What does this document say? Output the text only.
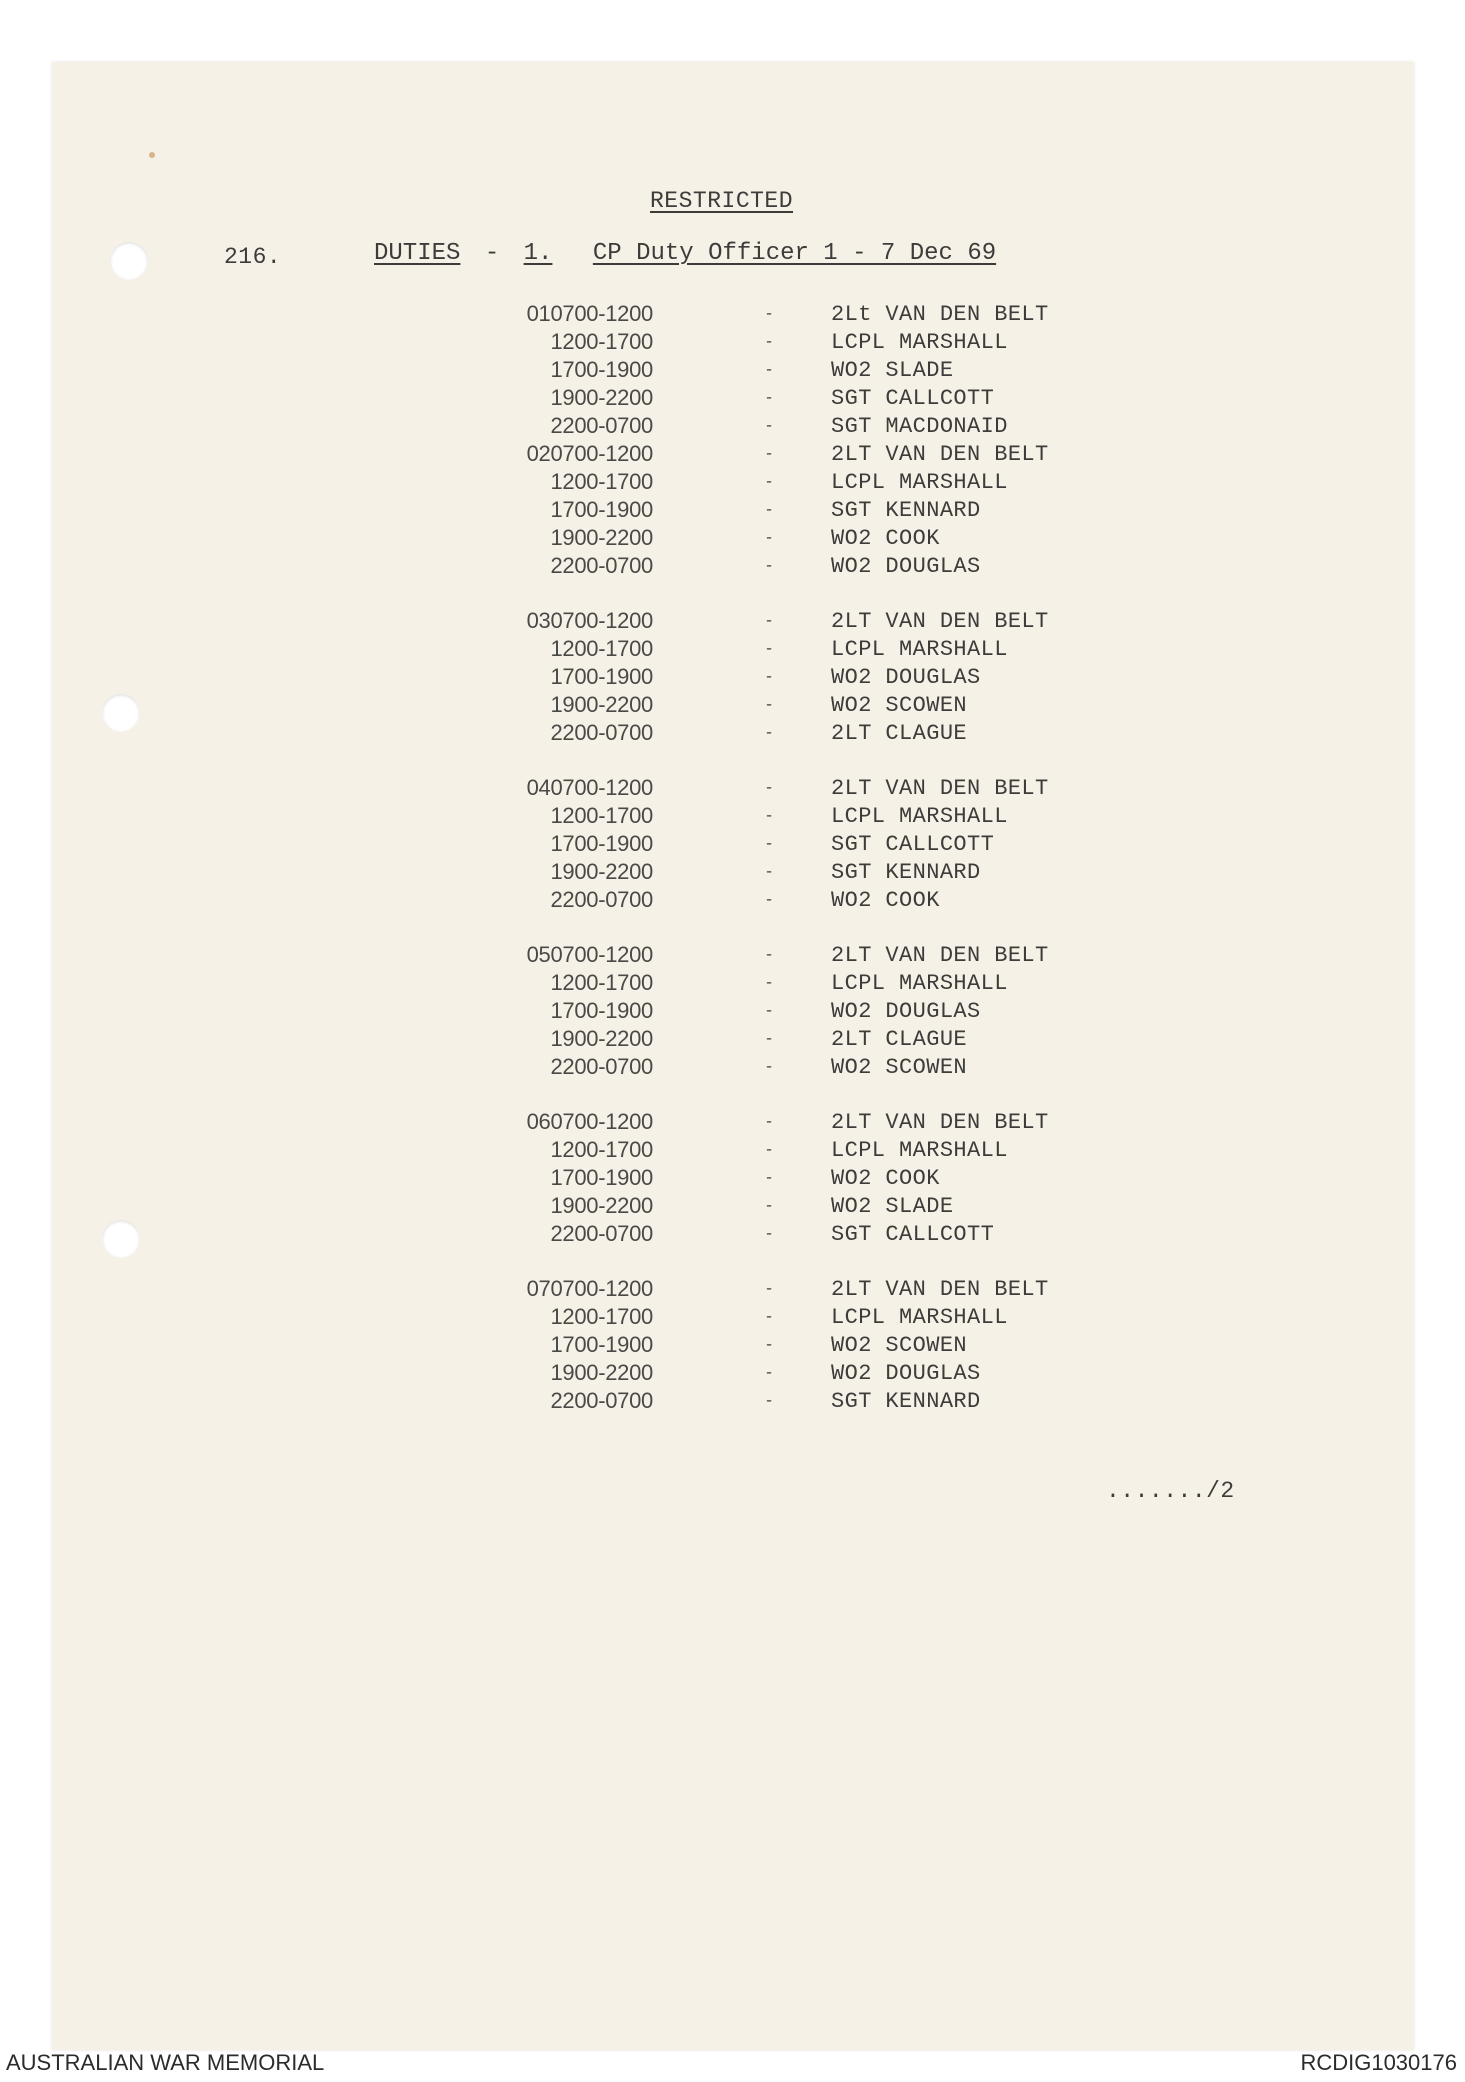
RESTRICTED
216.	DUTIES - 1. CP Duty Officer 1 - 7 Dec 69
010700-1200	-	2Lt VAN DEN BELT
1200-1700	-	LCPL MARSHALL
1700-1900	-	WO2 SLADE
1900-2200	-	SGT CALLCOTT
2200-0700	-	SGT MACDONAID
020700-1200	-	2LT VAN DEN BELT
1200-1700	-	LCPL MARSHALL
1700-1900	-	SGT KENNARD
1900-2200	-	WO2 COOK
2200-0700	-	WO2 DOUGLAS
030700-1200	-	2LT VAN DEN BELT
1200-1700	-	LCPL MARSHALL
1700-1900	-	WO2 DOUGLAS
1900-2200	-	WO2 SCOWEN
2200-0700	-	2LT CLAGUE
040700-1200	-	2LT VAN DEN BELT
1200-1700	-	LCPL MARSHALL
1700-1900	-	SGT CALLCOTT
1900-2200	-	SGT KENNARD
2200-0700	-	WO2 COOK
050700-1200	-	2LT VAN DEN BELT
1200-1700	-	LCPL MARSHALL
1700-1900	-	WO2 DOUGLAS
1900-2200	-	2LT CLAGUE
2200-0700	-	WO2 SCOWEN
060700-1200	-	2LT VAN DEN BELT
1200-1700	-	LCPL MARSHALL
1700-1900	-	WO2 COOK
1900-2200	-	WO2 SLADE
2200-0700	-	SGT CALLCOTT
070700-1200	-	2LT VAN DEN BELT
1200-1700	-	LCPL MARSHALL
1700-1900	-	WO2 SCOWEN
1900-2200	-	WO2 DOUGLAS
2200-0700	-	SGT KENNARD
......./2
AUSTRALIAN WAR MEMORIAL	RCDIG1030176
